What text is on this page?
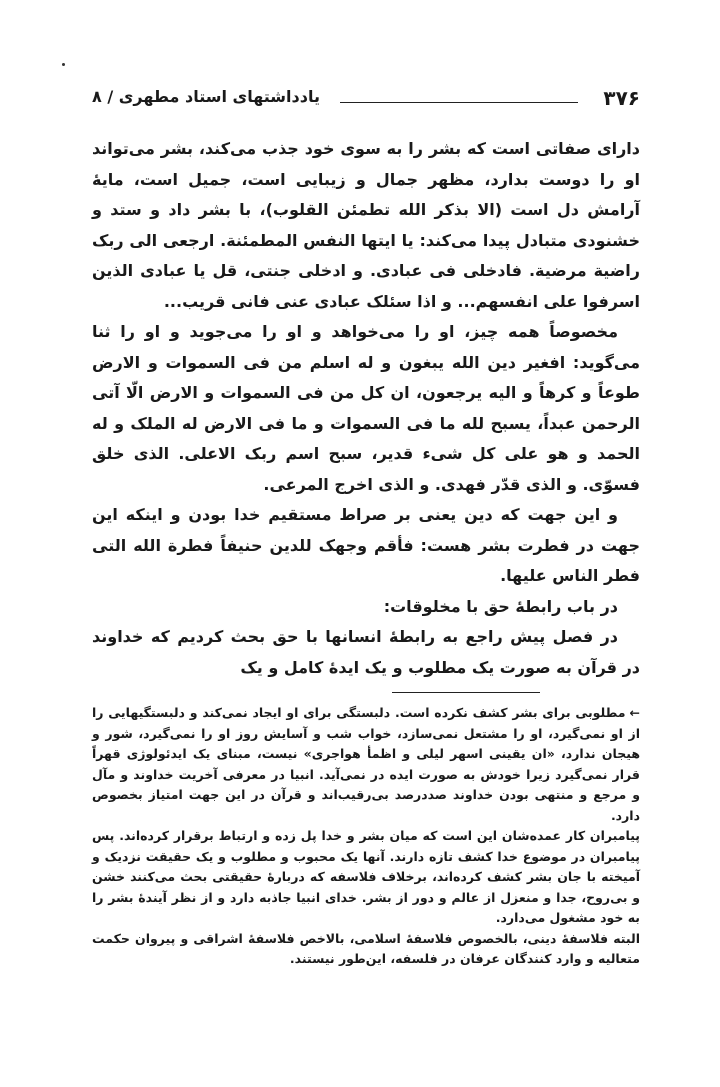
۳۷۶
یادداشتهای استاد مطهری / ۸

دارای صفاتی است که بشر را به سوی خود جذب می‌کند، بشر می‌تواند او را دوست بدارد، مظهر جمال و زیبایی است، جمیل است، مایهٔ آرامش دل است (الا بذکر الله تطمئن القلوب)، با بشر داد و ستد و خشنودی متبادل پیدا می‌کند: یا ایتها النفس المطمئنة. ارجعی الی ربک راضیة مرضیة. فادخلی فی عبادی. و ادخلی جنتی، قل یا عبادی الذین اسرفوا علی انفسهم... و اذا سئلک عبادی عنی فانی قریب...

مخصوصاً همه چیز، او را می‌خواهد و او را می‌جوید و او را ثنا می‌گوید: افغیر دین الله یبغون و له اسلم من فی السموات و الارض طوعاً و کرهاً و الیه یرجعون، ان کل من فی السموات و الارض الّا آتی الرحمن عبداً، یسبح لله ما فی السموات و ما فی الارض له الملک و له الحمد و هو علی کل شیء قدیر، سبح اسم ربک الاعلی. الذی خلق فسوّی. و الذی قدّر فهدی. و الذی اخرج المرعی.

و این جهت که دین یعنی بر صراط مستقیم خدا بودن و اینکه این جهت در فطرت بشر هست: فأقم وجهک للدین حنیفاً فطرة الله التی فطر الناس علیها.

در باب رابطهٔ حق با مخلوقات:

در فصل پیش راجع به رابطهٔ انسانها با حق بحث کردیم که خداوند در قرآن به صورت یک مطلوب و یک ایدهٔ کامل و یک

←مطلوبی برای بشر کشف نکرده است. دلبستگی برای او ایجاد نمی‌کند و دلبستگیهایی را از او نمی‌گیرد، او را مشتعل نمی‌سازد، خواب شب و آسایش روز او را نمی‌گیرد، شور و هیجان ندارد، «ان یقینی اسهر لیلی و اظمأ هواجری» نیست، مبنای یک ایدئولوژی قهراً قرار نمی‌گیرد زیرا خودش به صورت ایده در نمی‌آید. انبیا در معرفی آخریت خداوند و مآل و مرجع و منتهی بودن خداوند صددرصد بی‌رقیب‌اند و قرآن در این جهت امتیاز بخصوص دارد.

پیامبران کار عمده‌شان این است که میان بشر و خدا پل زده و ارتباط برقرار کرده‌اند. پس پیامبران در موضوع خدا کشف تازه دارند. آنها یک محبوب و مطلوب و یک حقیقت نزدیک و آمیخته با جان بشر کشف کرده‌اند، برخلاف فلاسفه که دربارهٔ حقیقتی بحث می‌کنند خشن و بی‌روح، جدا و منعزل از عالم و دور از بشر. خدای انبیا جاذبه دارد و از نظر آیندهٔ بشر را به خود مشغول می‌دارد.

البته فلاسفهٔ دینی، بالخصوص فلاسفهٔ اسلامی، بالاخص فلاسفهٔ اشراقی و پیروان حکمت متعالیه و وارد کنندگان عرفان در فلسفه، این‌طور نیستند.
